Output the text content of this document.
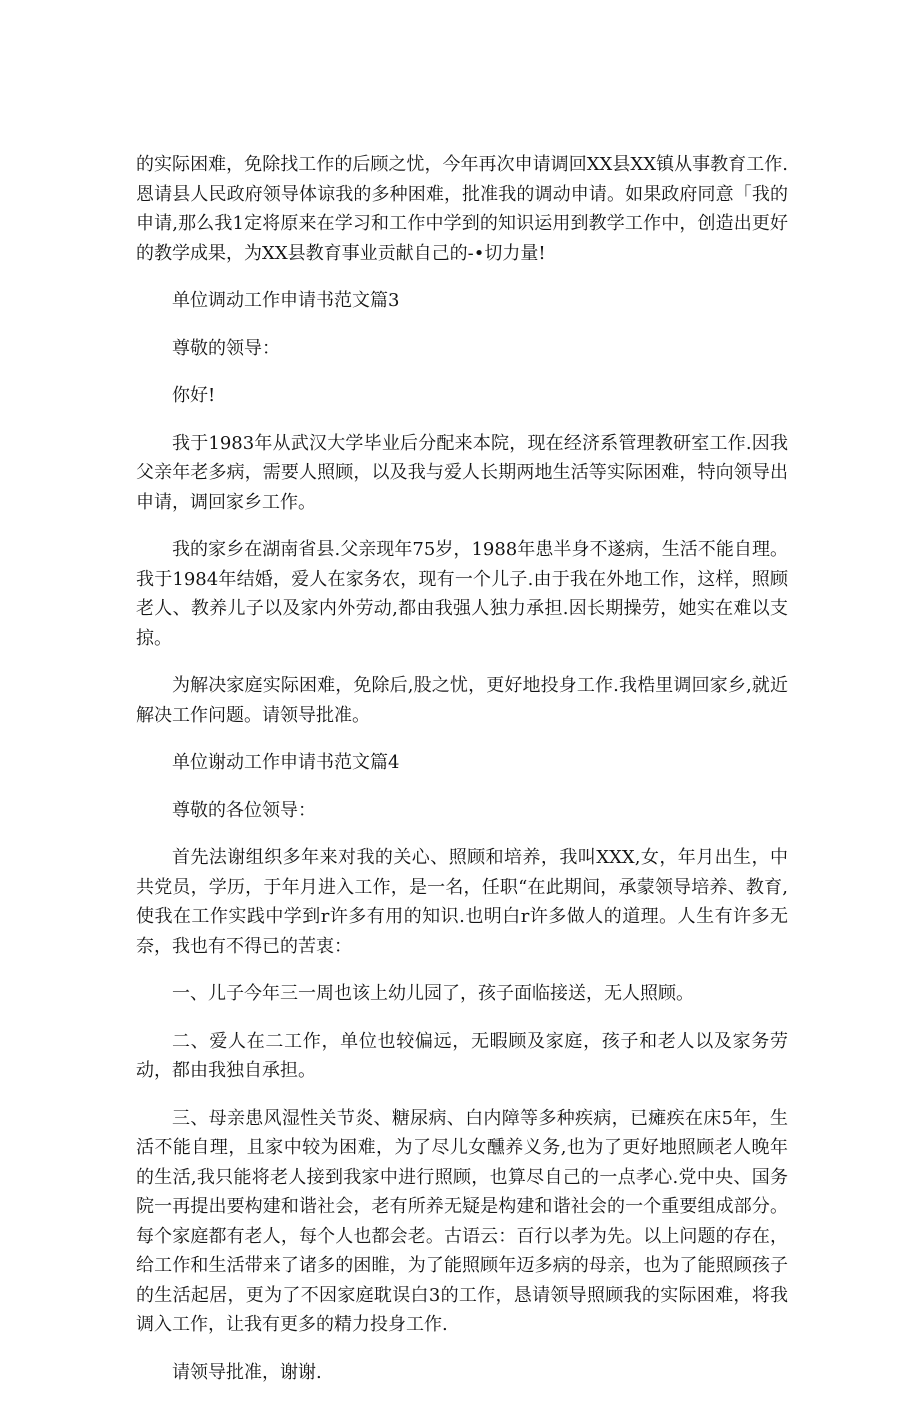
的实际困难，免除找工作的后顾之忧，今年再次申请调回XX县XX镇从事教育工作.恩请县人民政府领导体谅我的多种困难，批准我的调动申请。如果政府同意「我的申请,那么我1定将原来在学习和工作中学到的知识运用到教学工作中，创造出更好的教学成果，为XX县教育事业贡献自己的-•切力量!

单位调动工作申请书范文篇3

尊敬的领导：

你好!

我于1983年从武汉大学毕业后分配来本院，现在经济系管理教研室工作.因我父亲年老多病，需要人照顾，以及我与爱人长期两地生活等实际困难，特向领导出申请，调回家乡工作。

我的家乡在湖南省县.父亲现年75岁，1988年患半身不遂病，生活不能自理。我于1984年结婚，爱人在家务农，现有一个儿子.由于我在外地工作，这样，照顾老人、教养儿子以及家内外劳动,都由我强人独力承担.因长期操劳，她实在难以支掠。

为解决家庭实际困难，免除后,股之忧，更好地投身工作.我梏里调回家乡,就近解决工作问题。请领导批准。

单位谢动工作申请书范文篇4

尊敬的各位领导：

首先法谢组织多年来对我的关心、照顾和培养，我叫XXX,女，年月出生，中共党员，学历，于年月进入工作，是一名，任职“在此期间，承蒙领导培养、教育,使我在工作实践中学到r许多有用的知识.也明白r许多做人的道理。人生有许多无奈，我也有不得已的苦衷：

一、儿子今年三一周也该上幼儿园了，孩子面临接送，无人照顾。

二、爱人在二工作，单位也较偏远，无暇顾及家庭，孩子和老人以及家务劳动，都由我独自承担。

三、母亲患风湿性关节炎、糖尿病、白内障等多种疾病，已瘫疾在床5年，生活不能自理，且家中较为困难，为了尽儿女醺养义务,也为了更好地照顾老人晚年的生活,我只能将老人接到我家中进行照顾，也算尽自己的一点孝心.党中央、国务院一再提出要构建和谐社会，老有所养无疑是构建和谐社会的一个重要组成部分。每个家庭都有老人，每个人也都会老。古语云：百行以孝为先。以上问题的存在，给工作和生活带来了诸多的困睢，为了能照顾年迈多病的母亲，也为了能照顾孩子的生活起居，更为了不因家庭耽误白3的工作，恳请领导照顾我的实际困难，将我调入工作，让我有更多的精力投身工作.

请领导批准，谢谢.
